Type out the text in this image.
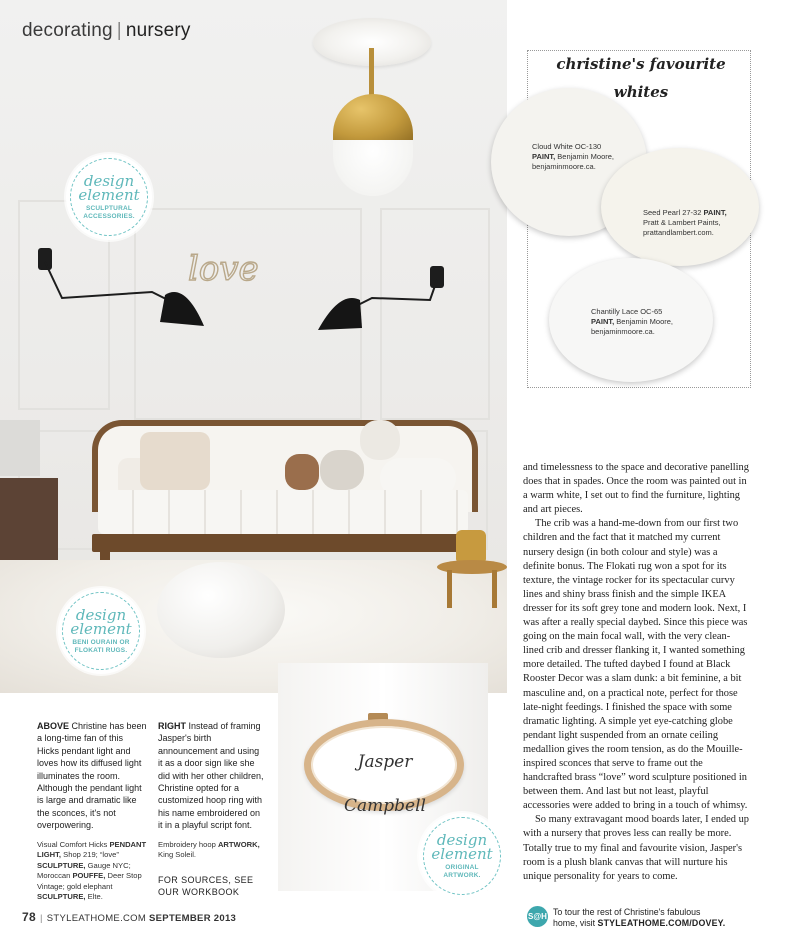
love
decorating | nursery
design
element
SCULPTURAL ACCESSORIES.
design
element
BENI OURAIN OR FLOKATI RUGS.
christine's favourite whites
Cloud White OC-130
PAINT, Benjamin Moore,
benjaminmoore.ca.
Seed Pearl 27-32 PAINT,
Pratt & Lambert Paints,
prattandlambert.com.
Chantilly Lace OC-65
PAINT, Benjamin Moore,
benjaminmoore.ca.
Jasper Campbell
design
element
ORIGINAL ARTWORK.
ABOVE Christine has been a long-time fan of this Hicks pendant light and loves how its diffused light illuminates the room. Although the pendant light is large and dramatic like the sconces, it's not overpowering.
Visual Comfort Hicks PENDANT LIGHT, Shop 219; “love” SCULPTURE, Gauge NYC; Moroccan POUFFE, Deer Stop Vintage; gold elephant SCULPTURE, Elte.
RIGHT Instead of framing Jasper's birth announcement and using it as a door sign like she did with her other children, Christine opted for a customized hoop ring with his name embroidered on it in a playful script font.
Embroidery hoop ARTWORK, King Soleil.
FOR SOURCES, SEE
OUR WORKBOOK

and timelessness to the space and decorative panelling does that in spades. Once the room was painted out in a warm white, I set out to find the furniture, lighting and art pieces.

The crib was a hand-me-down from our first two children and the fact that it matched my current nursery design (in both colour and style) was a definite bonus. The Flokati rug won a spot for its texture, the vintage rocker for its spectacular curvy lines and shiny brass finish and the simple IKEA dresser for its soft grey tone and modern look. Next, I was after a really special daybed. Since this piece was going on the main focal wall, with the very clean-lined crib and dresser flanking it, I wanted something more detailed. The tufted daybed I found at Black Rooster Decor was a slam dunk: a bit feminine, a bit masculine and, on a practical note, perfect for those late-night feedings. I finished the space with some dramatic lighting. A simple yet eye-catching globe pendant light suspended from an ornate ceiling medallion gives the room tension, as do the Mouille-inspired sconces that serve to frame out the handcrafted brass “love” word sculpture positioned in between them. And last but not least, playful accessories were added to bring in a touch of whimsy.

So many extravagant mood boards later, I ended up with a nursery that proves less can really be more. Totally true to my final and favourite vision, Jasper's room is a plush blank canvas that will nurture his unique personality for years to come.

78 | STYLEATHOME.COM SEPTEMBER 2013	S@H To tour the rest of Christine's fabulous
home, visit STYLEATHOME.COM/DOVEY.
